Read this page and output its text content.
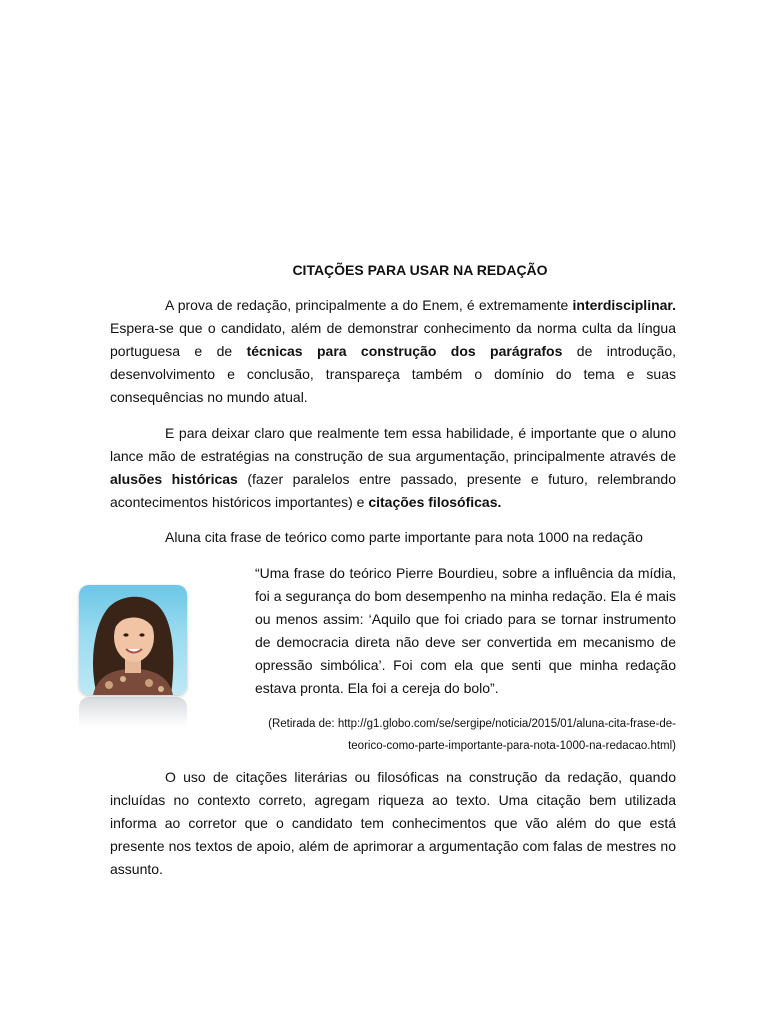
CITAÇÕES PARA USAR NA REDAÇÃO

A prova de redação, principalmente a do Enem, é extremamente interdisciplinar. Espera-se que o candidato, além de demonstrar conhecimento da norma culta da língua portuguesa e de técnicas para construção dos parágrafos de introdução, desenvolvimento e conclusão, transpareça também o domínio do tema e suas consequências no mundo atual.

E para deixar claro que realmente tem essa habilidade, é importante que o aluno lance mão de estratégias na construção de sua argumentação, principalmente através de alusões históricas (fazer paralelos entre passado, presente e futuro, relembrando acontecimentos históricos importantes) e citações filosóficas.

Aluna cita frase de teórico como parte importante para nota 1000 na redação

“Uma frase do teórico Pierre Bourdieu, sobre a influência da mídia, foi a segurança do bom desempenho na minha redação. Ela é mais ou menos assim: ‘Aquilo que foi criado para se tornar instrumento de democracia direta não deve ser convertida em mecanismo de opressão simbólica’. Foi com ela que senti que minha redação estava pronta. Ela foi a cereja do bolo”.

(Retirada de: http://g1.globo.com/se/sergipe/noticia/2015/01/aluna-cita-frase-de-teorico-como-parte-importante-para-nota-1000-na-redacao.html)

O uso de citações literárias ou filosóficas na construção da redação, quando incluídas no contexto correto, agregam riqueza ao texto. Uma citação bem utilizada informa ao corretor que o candidato tem conhecimentos que vão além do que está presente nos textos de apoio, além de aprimorar a argumentação com falas de mestres no assunto.
